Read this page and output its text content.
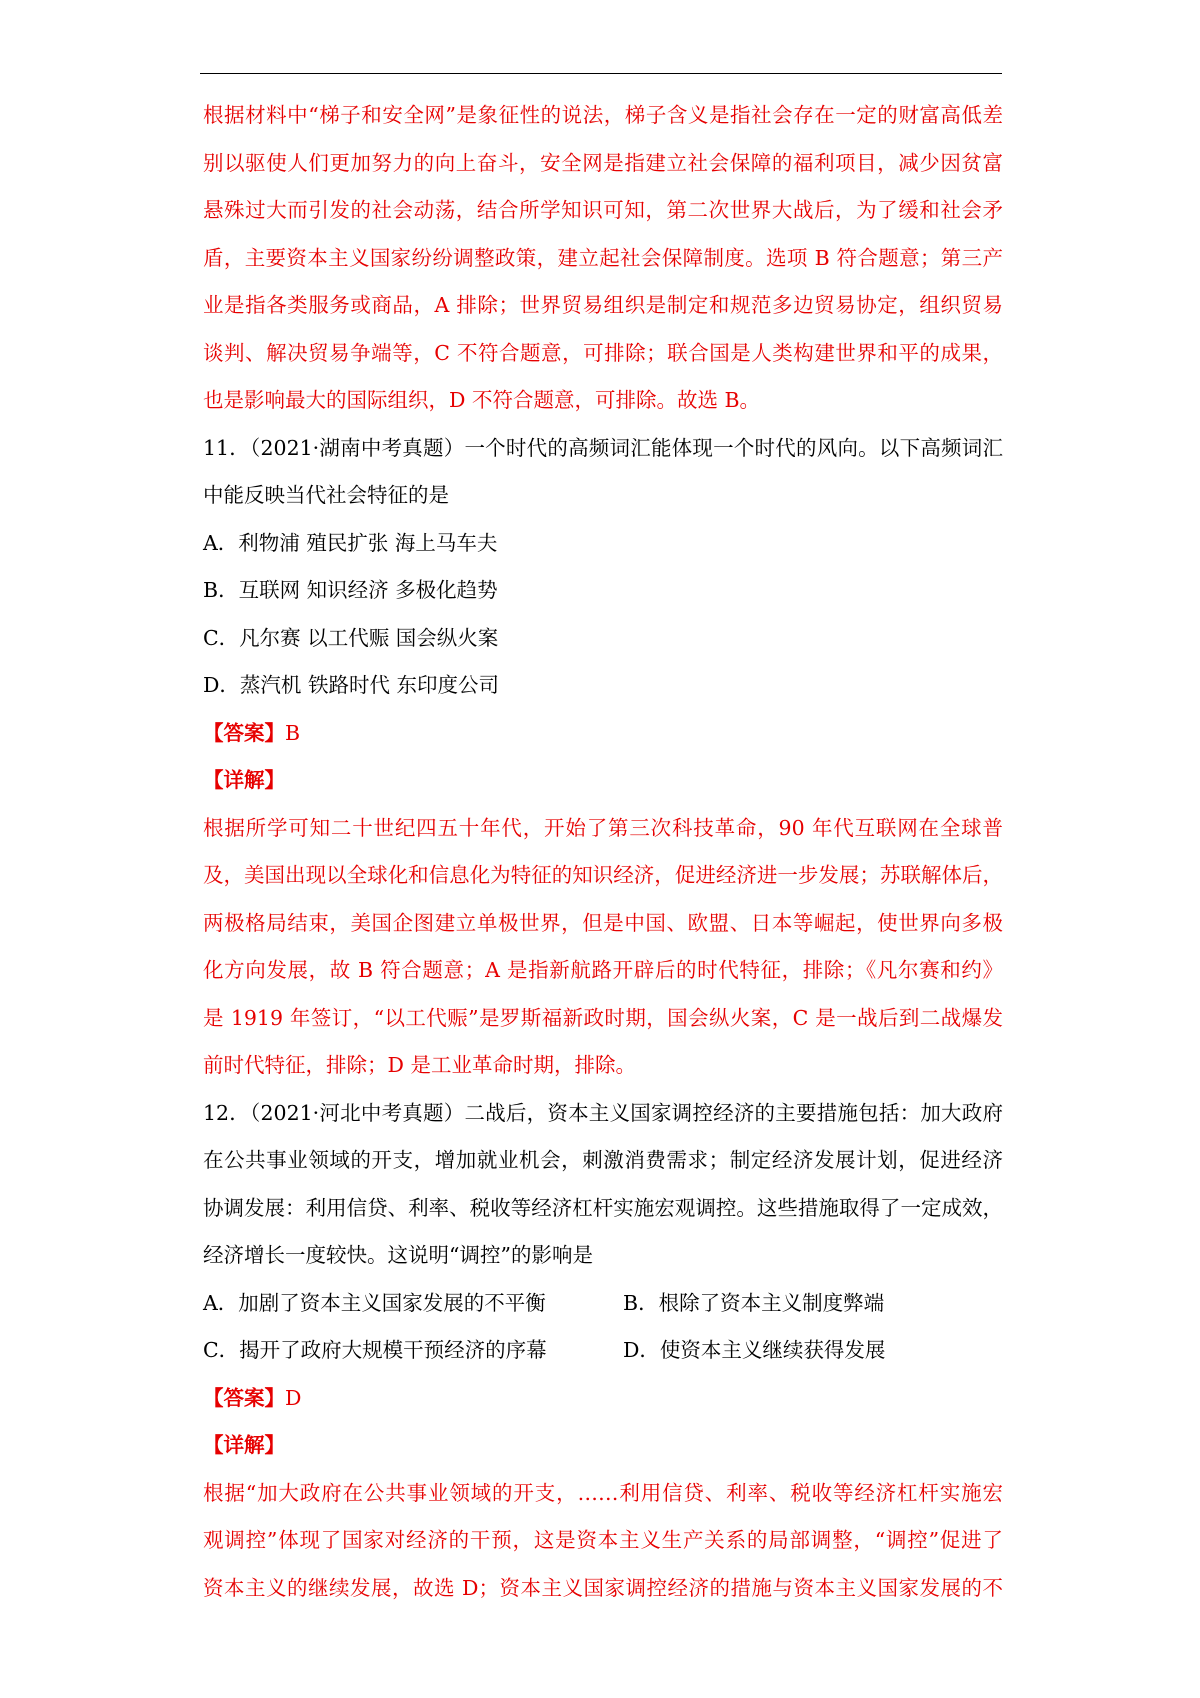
根据材料中“梯子和安全网”是象征性的说法，梯子含义是指社会存在一定的财富高低差
别以驱使人们更加努力的向上奋斗，安全网是指建立社会保障的福利项目，减少因贫富
悬殊过大而引发的社会动荡，结合所学知识可知，第二次世界大战后，为了缓和社会矛
盾，主要资本主义国家纷纷调整政策，建立起社会保障制度。选项 B 符合题意；第三产
业是指各类服务或商品，A 排除；世界贸易组织是制定和规范多边贸易协定，组织贸易
谈判、解决贸易争端等，C 不符合题意，可排除；联合国是人类构建世界和平的成果，
也是影响最大的国际组织，D 不符合题意，可排除。故选 B。
11．（2021·湖南中考真题）一个时代的高频词汇能体现一个时代的风向。以下高频词汇
中能反映当代社会特征的是
A．利物浦 殖民扩张 海上马车夫
B．互联网 知识经济 多极化趋势
C．凡尔赛 以工代赈 国会纵火案
D．蒸汽机 铁路时代 东印度公司
【答案】B
【详解】
根据所学可知二十世纪四五十年代，开始了第三次科技革命，90 年代互联网在全球普
及，美国出现以全球化和信息化为特征的知识经济，促进经济进一步发展；苏联解体后，
两极格局结束，美国企图建立单极世界，但是中国、欧盟、日本等崛起，使世界向多极
化方向发展，故 B 符合题意；A 是指新航路开辟后的时代特征，排除；《凡尔赛和约》
是 1919 年签订，“以工代赈”是罗斯福新政时期，国会纵火案，C 是一战后到二战爆发
前时代特征，排除；D 是工业革命时期，排除。
12．（2021·河北中考真题）二战后，资本主义国家调控经济的主要措施包括：加大政府
在公共事业领域的开支，增加就业机会，刺激消费需求；制定经济发展计划，促进经济
协调发展：利用信贷、利率、税收等经济杠杆实施宏观调控。这些措施取得了一定成效，
经济增长一度较快。这说明“调控”的影响是
A．加剧了资本主义国家发展的不平衡	B．根除了资本主义制度弊端
C．揭开了政府大规模干预经济的序幕	D．使资本主义继续获得发展
【答案】D
【详解】
根据“加大政府在公共事业领域的开支，……利用信贷、利率、税收等经济杠杆实施宏
观调控”体现了国家对经济的干预，这是资本主义生产关系的局部调整，“调控”促进了
资本主义的继续发展，故选 D；资本主义国家调控经济的措施与资本主义国家发展的不
